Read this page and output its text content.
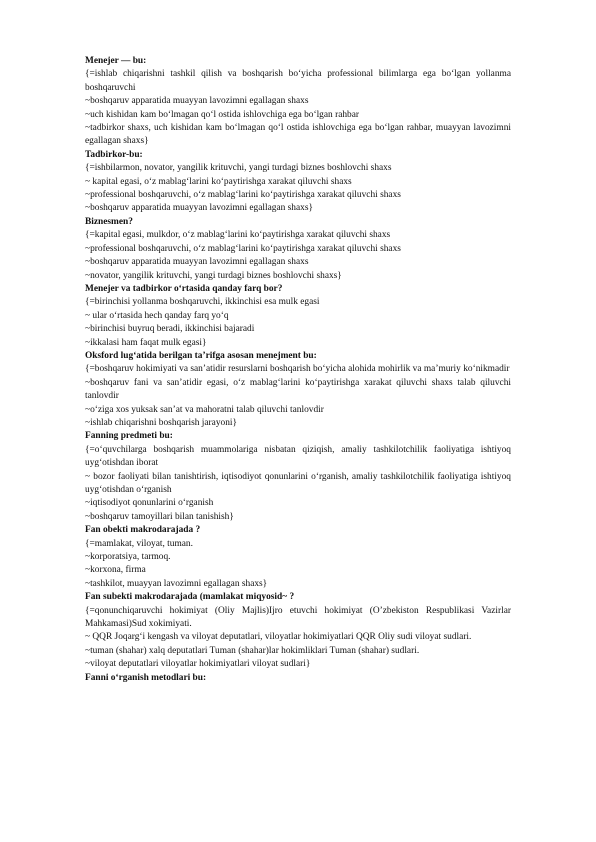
Menejer — bu:

{=ishlab chiqarishni tashkil qilish va boshqarish bo‘yicha professional bilimlarga ega bo‘lgan yollanma boshqaruvchi

~boshqaruv apparatida muayyan lavozimni egallagan shaxs

~uch kishidan kam bo‘lmagan qo‘l ostida ishlovchiga ega bo‘lgan rahbar

~tadbirkor shaxs, uch kishidan kam bo‘lmagan qo‘l ostida ishlovchiga ega bo‘lgan rahbar, muayyan lavozimni egallagan shaxs}

Tadbirkor-bu:

{=ishbilarmon, novator, yangilik krituvchi, yangi turdagi biznes boshlovchi shaxs

~ kapital egasi, o‘z mablag‘larini ko‘paytirishga xarakat qiluvchi shaxs

~professional boshqaruvchi, o‘z mablag‘larini ko‘paytirishga xarakat qiluvchi shaxs

~boshqaruv apparatida muayyan lavozimni egallagan shaxs}

Biznesmen?

{=kapital egasi, mulkdor, o‘z mablag‘larini ko‘paytirishga xarakat qiluvchi shaxs

~professional boshqaruvchi, o‘z mablag‘larini ko‘paytirishga xarakat qiluvchi shaxs

~boshqaruv apparatida muayyan lavozimni egallagan shaxs

~novator, yangilik krituvchi, yangi turdagi biznes boshlovchi shaxs}

Menejer va tadbirkor o‘rtasida qanday farq bor?

{=birinchisi yollanma boshqaruvchi, ikkinchisi esa mulk egasi

~ ular o‘rtasida hech qanday farq yo‘q

~birinchisi buyruq beradi, ikkinchisi bajaradi

~ikkalasi ham faqat mulk egasi}

Oksford lug‘atida berilgan ta’rifga asosan menejment bu:

{=boshqaruv hokimiyati va san’atidir resurslarni boshqarish bo‘yicha alohida mohirlik va ma’muriy ko‘nikmadir

~boshqaruv fani va san’atidir egasi, o‘z mablag‘larini ko‘paytirishga xarakat qiluvchi shaxs talab qiluvchi tanlovdir

~o‘ziga xos yuksak san’at va mahoratni talab qiluvchi tanlovdir

~ishlab chiqarishni boshqarish jarayoni}

Fanning predmeti bu:

{=o‘quvchilarga boshqarish muammolariga nisbatan qiziqish, amaliy tashkilotchilik faoliyatiga ishtiyoq uyg‘otishdan iborat

~ bozor faoliyati bilan tanishtirish, iqtisodiyot qonunlarini o‘rganish, amaliy tashkilotchilik faoliyatiga ishtiyoq uyg‘otishdan o‘rganish

~iqtisodiyot qonunlarini o‘rganish

~boshqaruv tamoyillari bilan tanishish}

Fan obekti makrodarajada ?

{=mamlakat, viloyat, tuman.

~korporatsiya, tarmoq.

~korxona, firma

~tashkilot, muayyan lavozimni egallagan shaxs}

Fan subekti makrodarajada (mamlakat miqyosid~ ?

{=qonunchiqaruvchi hokimiyat (Oliy Majlis)Ijro etuvchi hokimiyat (O’zbekiston Respublikasi Vazirlar Mahkamasi)Sud xokimiyati.

~ QQR Joqarg‘i kengash va viloyat deputatlari, viloyatlar hokimiyatlari QQR Oliy sudi viloyat sudlari.

~tuman (shahar) xalq deputatlari Tuman (shahar)lar hokimliklari Tuman (shahar) sudlari.

~viloyat deputatlari viloyatlar hokimiyatlari viloyat sudlari}

Fanni o‘rganish metodlari bu:
